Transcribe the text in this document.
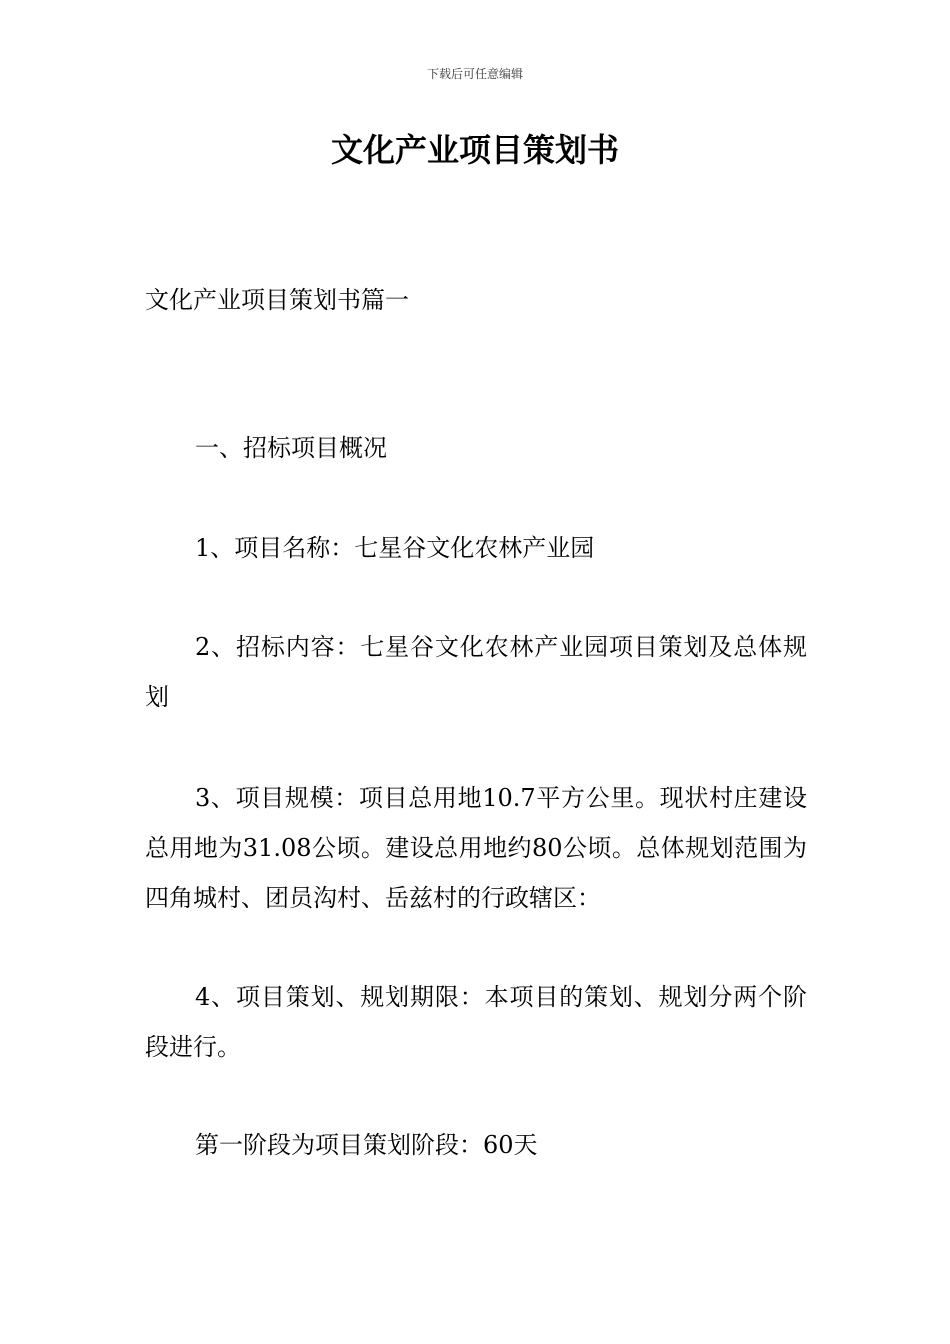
下载后可任意编辑
文化产业项目策划书
文化产业项目策划书篇一

一、招标项目概况

1、项目名称：七星谷文化农林产业园

2、招标内容：七星谷文化农林产业园项目策划及总体规划

3、项目规模：项目总用地10.7平方公里。现状村庄建设总用地为31.08公顷。建设总用地约80公顷。总体规划范围为四角城村、团员沟村、岳兹村的行政辖区：

4、项目策划、规划期限：本项目的策划、规划分两个阶段进行。

第一阶段为项目策划阶段：60天
